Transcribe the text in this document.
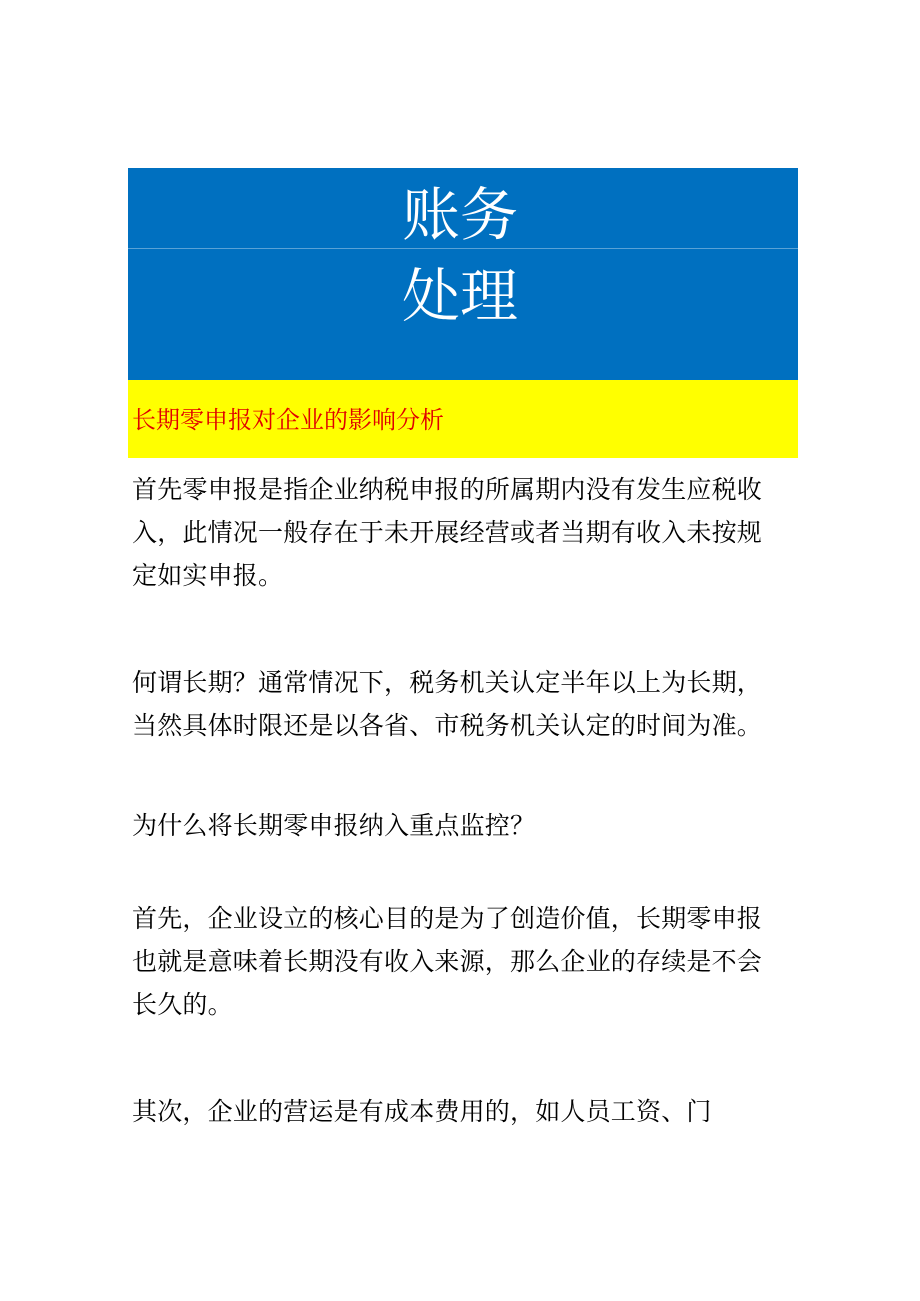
账务
处理
长期零申报对企业的影响分析
首先零申报是指企业纳税申报的所属期内没有发生应税收
入，此情况一般存在于未开展经营或者当期有收入未按规
定如实申报。
何谓长期？通常情况下，税务机关认定半年以上为长期，
当然具体时限还是以各省、市税务机关认定的时间为准。
为什么将长期零申报纳入重点监控？
首先，企业设立的核心目的是为了创造价值，长期零申报
也就是意味着长期没有收入来源，那么企业的存续是不会
长久的。
其次，企业的营运是有成本费用的，如人员工资、门
